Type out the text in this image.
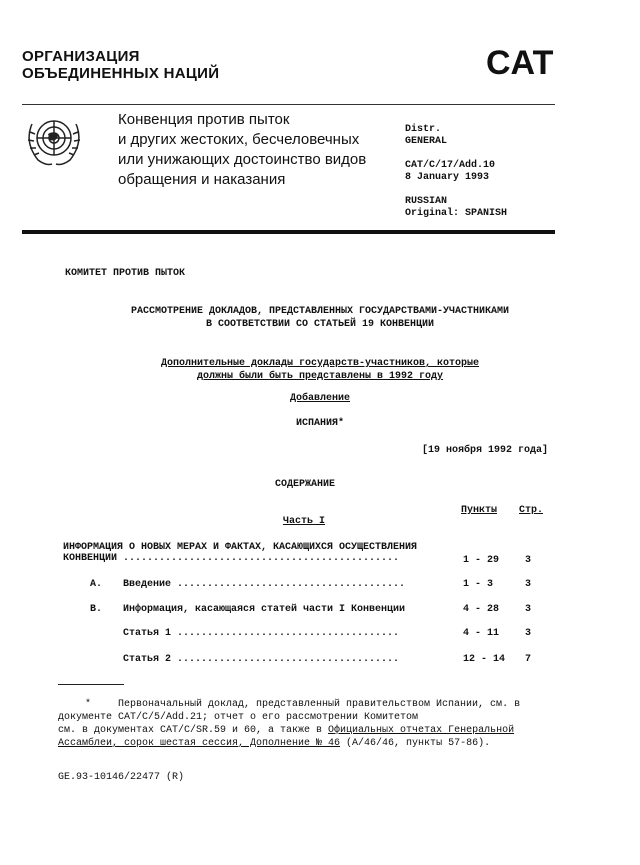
ОРГАНИЗАЦИЯ
ОБЪЕДИНЕННЫХ НАЦИЙ	CAT
Конвенция против пыток
и других жестоких, бесчеловечных
или унижающих достоинство видов
обращения и наказания
Distr.
GENERAL
CAT/C/17/Add.10
8 January 1993
RUSSIAN
Original: SPANISH
КОМИТЕТ ПРОТИВ ПЫТОК
РАССМОТРЕНИЕ ДОКЛАДОВ, ПРЕДСТАВЛЕННЫХ ГОСУДАРСТВАМИ-УЧАСТНИКАМИ
В СООТВЕТСТВИИ СО СТАТЬЕЙ 19 КОНВЕНЦИИ
Дополнительные доклады государств-участников, которые
должны были быть представлены в 1992 году
Добавление
ИСПАНИЯ*
[19 ноября 1992 года]
СОДЕРЖАНИЕ
Пункты Стр.
Часть I
ИНФОРМАЦИЯ О НОВЫХ МЕРАХ И ФАКТАХ, КАСАЮЩИХСЯ ОСУЩЕСТВЛЕНИЯ
КОНВЕНЦИИ ..............................................	1 - 29	3
A. Введение ......................................	1 - 3	3
B. Информация, касающаяся статей части I Конвенции	4 - 28	3
Статья 1 .....................................	4 - 11	3
Статья 2 .....................................	12 - 14	7
*	Первоначальный доклад, представленный правительством Испании, см. в
документе CAT/C/5/Add.21; отчет о его рассмотрении Комитетом
см. в документах CAT/C/SR.59 и 60, а также в Официальных отчетах Генеральной
Ассамблеи, сорок шестая сессия, Дополнение № 46 (A/46/46, пункты 57-86).
GE.93-10146/22477 (R)
